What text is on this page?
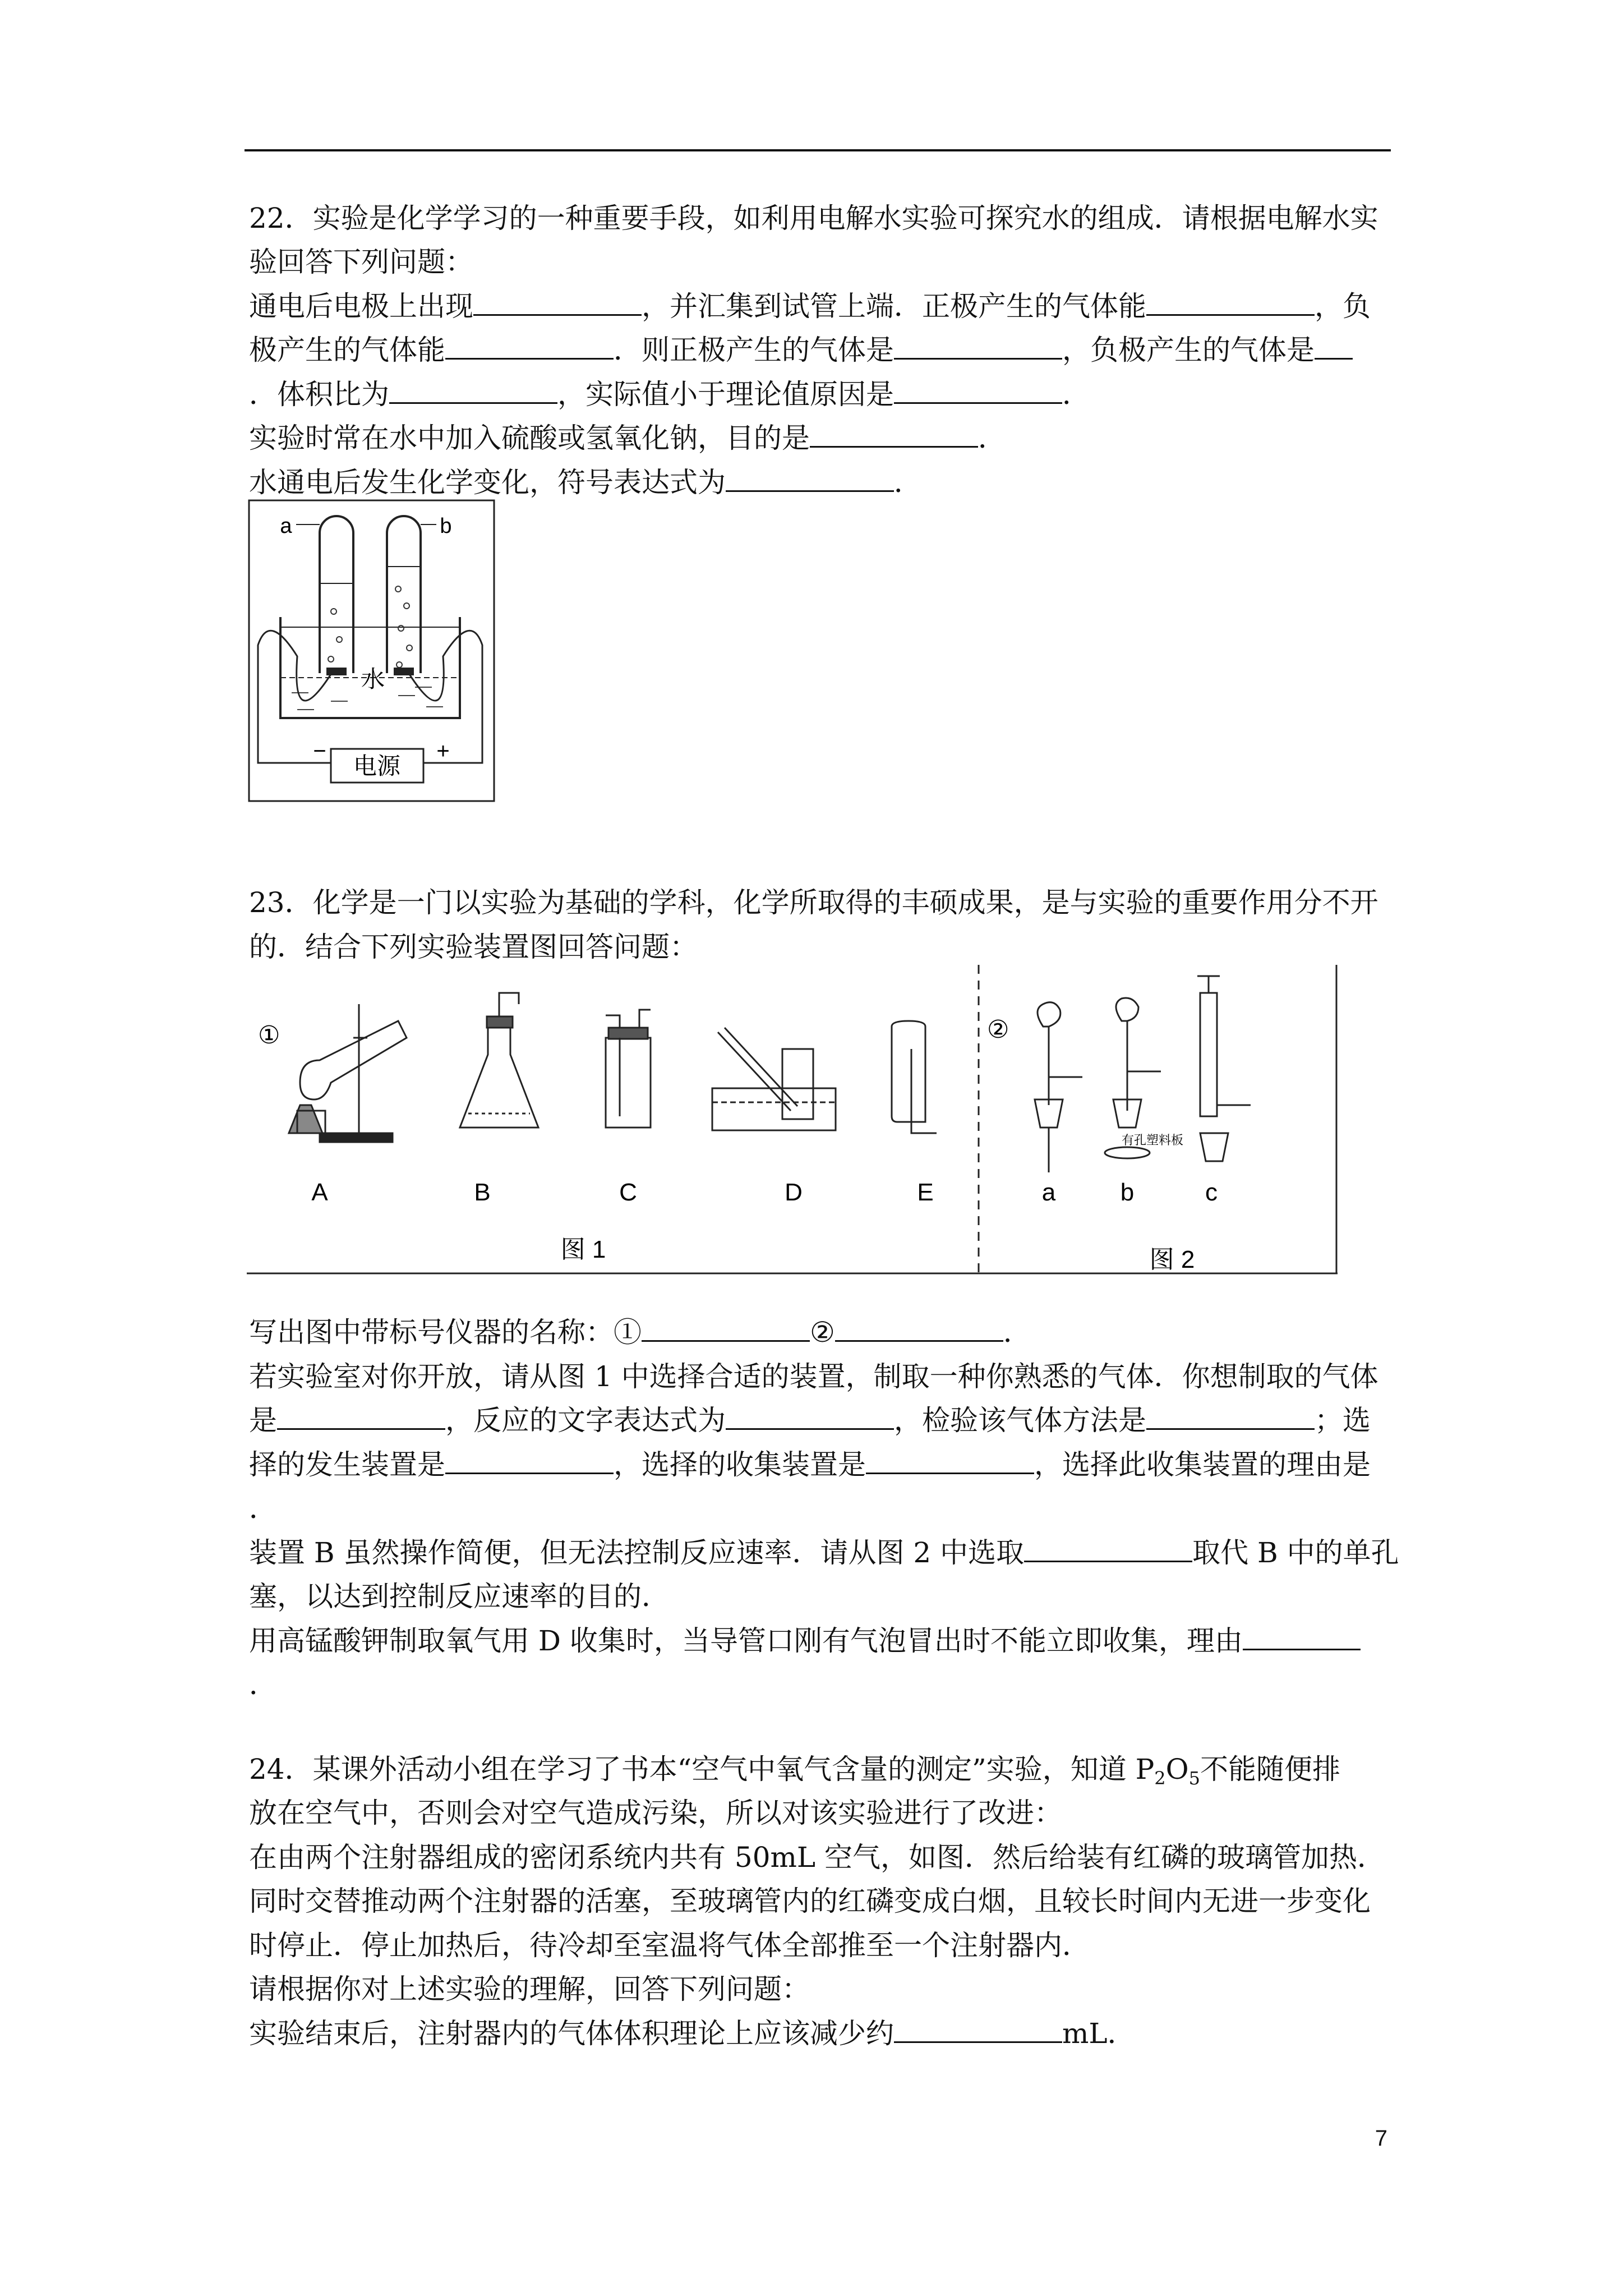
22．实验是化学学习的一种重要手段，如利用电解水实验可探究水的组成．请根据电解水实
验回答下列问题：
通电后电极上出现	，并汇集到试管上端．正极产生的气体能	，负
极产生的气体能	．则正极产生的气体是	，负极产生的气体是
．体积比为	，实际值小于理论值原因是	．
实验时常在水中加入硫酸或氢氧化钠，目的是	．
水通电后发生化学变化，符号表达式为	．
电源
−	+
a	b
水
23．化学是一门以实验为基础的学科，化学所取得的丰硕成果，是与实验的重要作用分不开
的．结合下列实验装置图回答问题：
①	②
有孔塑料板
A	B	C	D	E	a	b	c
图 1	图 2
写出图中带标号仪器的名称：①	②	．
若实验室对你开放，请从图 1 中选择合适的装置，制取一种你熟悉的气体．你想制取的气体
是	，反应的文字表达式为	，检验该气体方法是	；选
择的发生装置是	，选择的收集装置是	，选择此收集装置的理由是
．
装置 B 虽然操作简便，但无法控制反应速率．请从图 2 中选取	取代 B 中的单孔
塞，以达到控制反应速率的目的．
用高锰酸钾制取氧气用 D 收集时，当导管口刚有气泡冒出时不能立即收集，理由
．
24．某课外活动小组在学习了书本“空气中氧气含量的测定”实验，知道 $P_2O_5$不能随便排
放在空气中，否则会对空气造成污染，所以对该实验进行了改进：
在由两个注射器组成的密闭系统内共有 50mL 空气，如图．然后给装有红磷的玻璃管加热．
同时交替推动两个注射器的活塞，至玻璃管内的红磷变成白烟，且较长时间内无进一步变化
时停止．停止加热后，待冷却至室温将气体全部推至一个注射器内．
请根据你对上述实验的理解，回答下列问题：
实验结束后，注射器内的气体体积理论上应该减少约	mL．
7
